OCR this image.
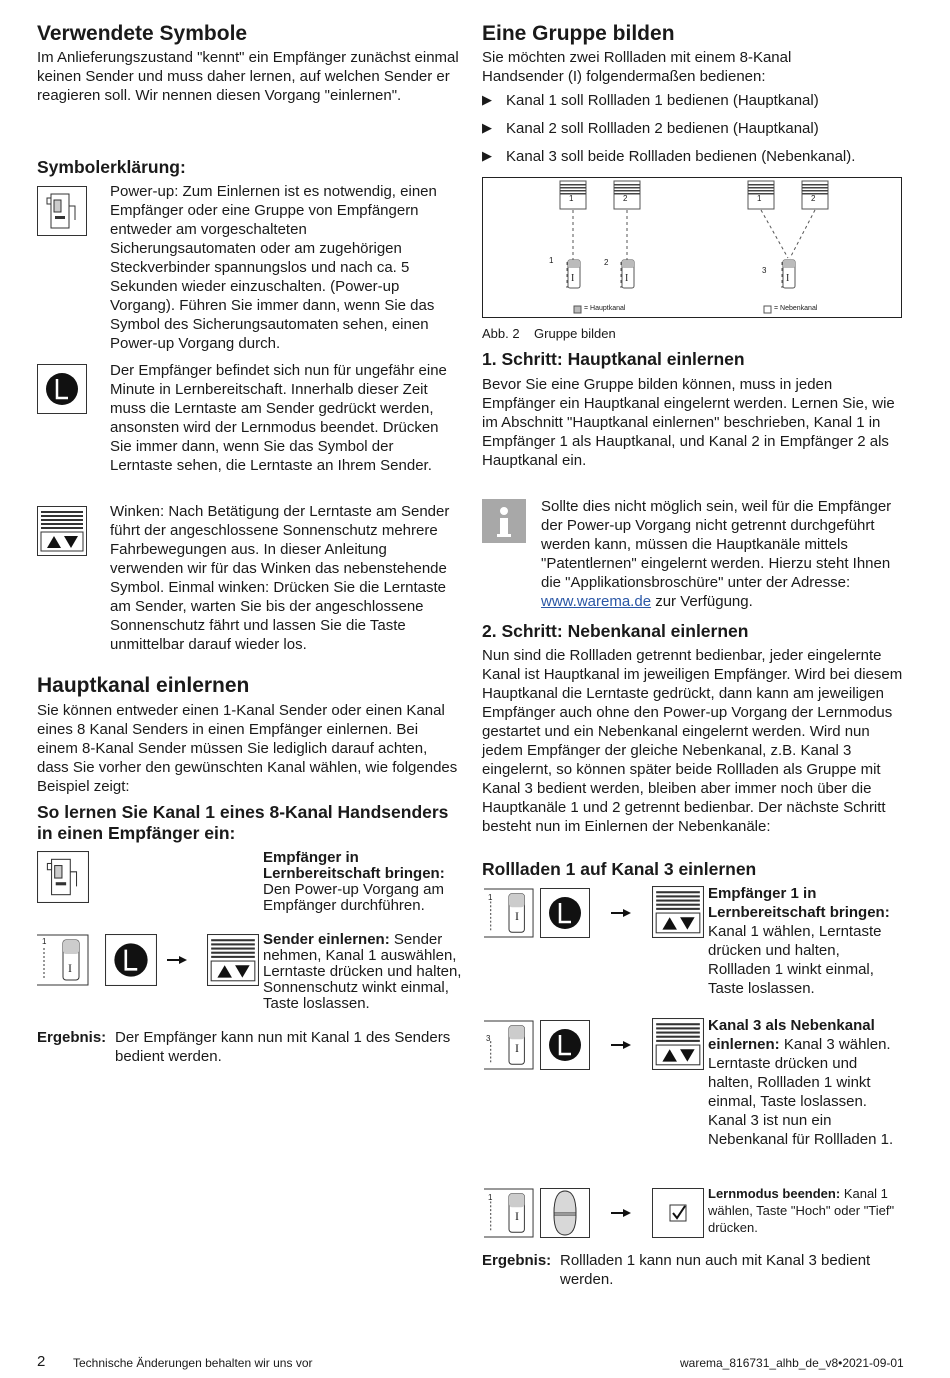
Verwendete Symbole

Im Anlieferungszustand "kennt" ein Empfänger zunächst einmal keinen Sender und muss daher lernen, auf welchen Sender er reagieren soll. Wir nennen diesen Vorgang "einlernen".

Symbolerklärung:

Power-up: Zum Einlernen ist es notwendig, einen Empfänger oder eine Gruppe von Empfängern entweder am vorgeschalteten Sicherungsautomaten oder am zugehörigen Steckverbinder spannungslos und nach ca. 5 Sekunden wieder einzuschalten. (Power-up Vorgang). Führen Sie immer dann, wenn Sie das Symbol des Sicherungsautomaten sehen, einen Power-up Vorgang durch.

Der Empfänger befindet sich nun für ungefähr eine Minute in Lernbereitschaft. Innerhalb dieser Zeit muss die Lerntaste am Sender gedrückt werden, ansonsten wird der Lernmodus beendet. Drücken Sie immer dann, wenn Sie das Symbol der Lerntaste sehen, die Lerntaste an Ihrem Sender.

Winken: Nach Betätigung der Lerntaste am Sender führt der angeschlossene Sonnenschutz mehrere Fahrbewegungen aus. In dieser Anleitung verwenden wir für das Winken das nebenstehende Symbol. Einmal winken: Drücken Sie die Lerntaste am Sender, warten Sie bis der angeschlossene Sonnenschutz fährt und lassen Sie die Taste unmittelbar darauf wieder los.

Hauptkanal einlernen

Sie können entweder einen 1-Kanal Sender oder einen Kanal eines 8 Kanal Senders in einen Empfänger einlernen. Bei einem 8-Kanal Sender müssen Sie lediglich darauf achten, dass Sie vorher den gewünschten Kanal wählen, wie folgendes Beispiel zeigt:

So lernen Sie Kanal 1 eines 8-Kanal Handsenders in einen Empfänger ein:

Empfänger in Lernbereitschaft bringen:
Den Power-up Vorgang am Empfänger durchführen.

I
1	Sender einlernen: Sender nehmen, Kanal 1 auswählen, Lerntaste drücken und halten, Sonnenschutz winkt einmal, Taste loslassen.

Ergebnis: Der Empfänger kann nun mit Kanal 1 des Senders bedient werden.

Eine Gruppe bilden

Sie möchten zwei Rollladen mit einem 8-Kanal Handsender (I) folgendermaßen bedienen:

▶ Kanal 1 soll Rollladen 1 bedienen (Hauptkanal)

▶ Kanal 2 soll Rollladen 2 bedienen (Hauptkanal)

▶ Kanal 3 soll beide Rollladen bedienen (Nebenkanal).

1	2	1	2
1	2
3
I	I	I
= Hauptkanal	= Nebenkanal

Abb. 2    Gruppe bilden

1. Schritt: Hauptkanal einlernen

Bevor Sie eine Gruppe bilden können, muss in jeden Empfänger ein Hauptkanal eingelernt werden. Lernen Sie, wie im Abschnitt "Hauptkanal einlernen" beschrieben, Kanal 1 in Empfänger 1 als Hauptkanal, und Kanal 2 in Empfänger 2 als Hauptkanal ein.

Sollte dies nicht möglich sein, weil für die Empfänger der Power-up Vorgang nicht getrennt durchgeführt werden kann, müssen die Hauptkanäle mittels "Patentlernen" eingelernt werden. Hierzu steht Ihnen die "Applikationsbroschüre" unter der Adresse: www.warema.de zur Verfügung.

2. Schritt: Nebenkanal einlernen

Nun sind die Rollladen getrennt bedienbar, jeder eingelernte Kanal ist Hauptkanal im jeweiligen Empfänger. Wird bei diesem Hauptkanal die Lerntaste gedrückt, dann kann am jeweiligen Empfänger auch ohne den Power-up Vorgang der Lernmodus gestartet und ein Nebenkanal eingelernt werden. Wird nun jedem Empfänger der gleiche Nebenkanal, z.B. Kanal 3 eingelernt, so können später beide Rollladen als Gruppe mit Kanal 3 bedient werden, bleiben aber immer noch über die Hauptkanäle 1 und 2 getrennt bedienbar. Der nächste Schritt besteht nun im Einlernen der Nebenkanäle:

Rollladen 1 auf Kanal 3 einlernen
1
I

Empfänger 1 in Lernbereitschaft bringen:
Kanal 1 wählen, Lerntaste drücken und halten, Rollladen 1 winkt einmal, Taste loslassen.

3
I

Kanal 3 als Nebenkanal einlernen: Kanal 3 wählen. Lerntaste drücken und halten, Rollladen 1 winkt einmal, Taste loslassen. Kanal 3 ist nun ein Nebenkanal für Rollladen 1.

1
I

Lernmodus beenden: Kanal 1 wählen, Taste "Hoch" oder "Tief" drücken.

Ergebnis: Rollladen 1 kann nun auch mit Kanal 3 bedient werden.

2 Technische Änderungen behalten wir uns vor	warema_816731_alhb_de_v8•2021-09-01
